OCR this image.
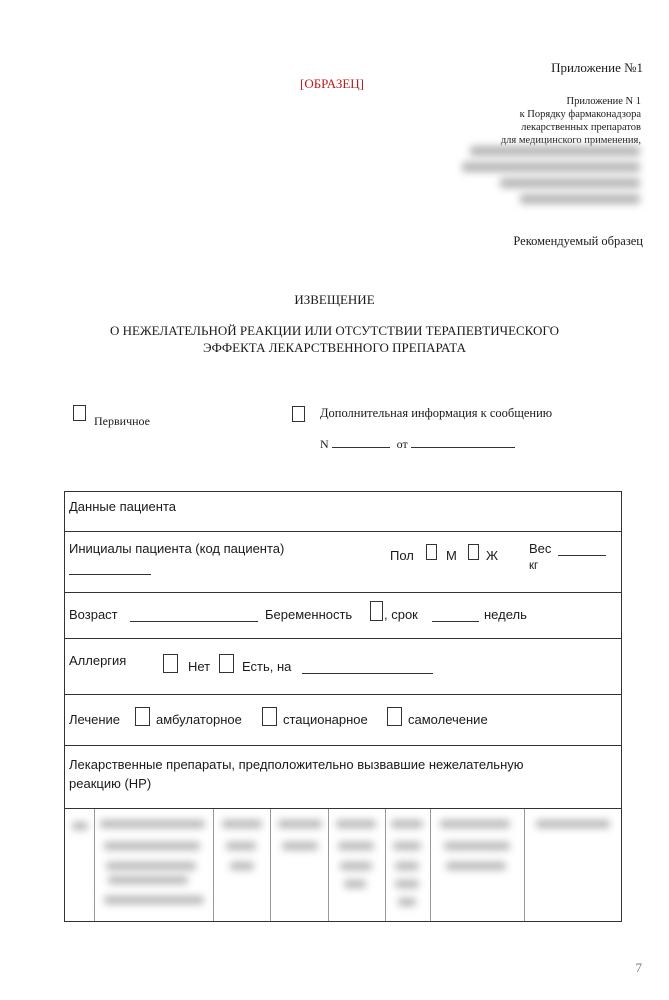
[ОБРАЗЕЦ]
Приложение №1
Приложение N 1
к Порядку фармаконадзора
лекарственных препаратов
для медицинского применения,
Рекомендуемый образец
ИЗВЕЩЕНИЕ
О НЕЖЕЛАТЕЛЬНОЙ РЕАКЦИИ ИЛИ ОТСУТСТВИИ ТЕРАПЕВТИЧЕСКОГО
ЭФФЕКТА ЛЕКАРСТВЕННОГО ПРЕПАРАТА
Первичное
Дополнительная информация к сообщению
N	от
Данные пациента
Инициалы пациента (код пациента)	Пол М Ж Вес
кг
Возраст	Беременность , срок	недель
Аллергия	Нет Есть, на
Лечение	амбулаторное	стационарное	самолечение
Лекарственные препараты, предположительно вызвавшие нежелательную
реакцию (НР)
7
